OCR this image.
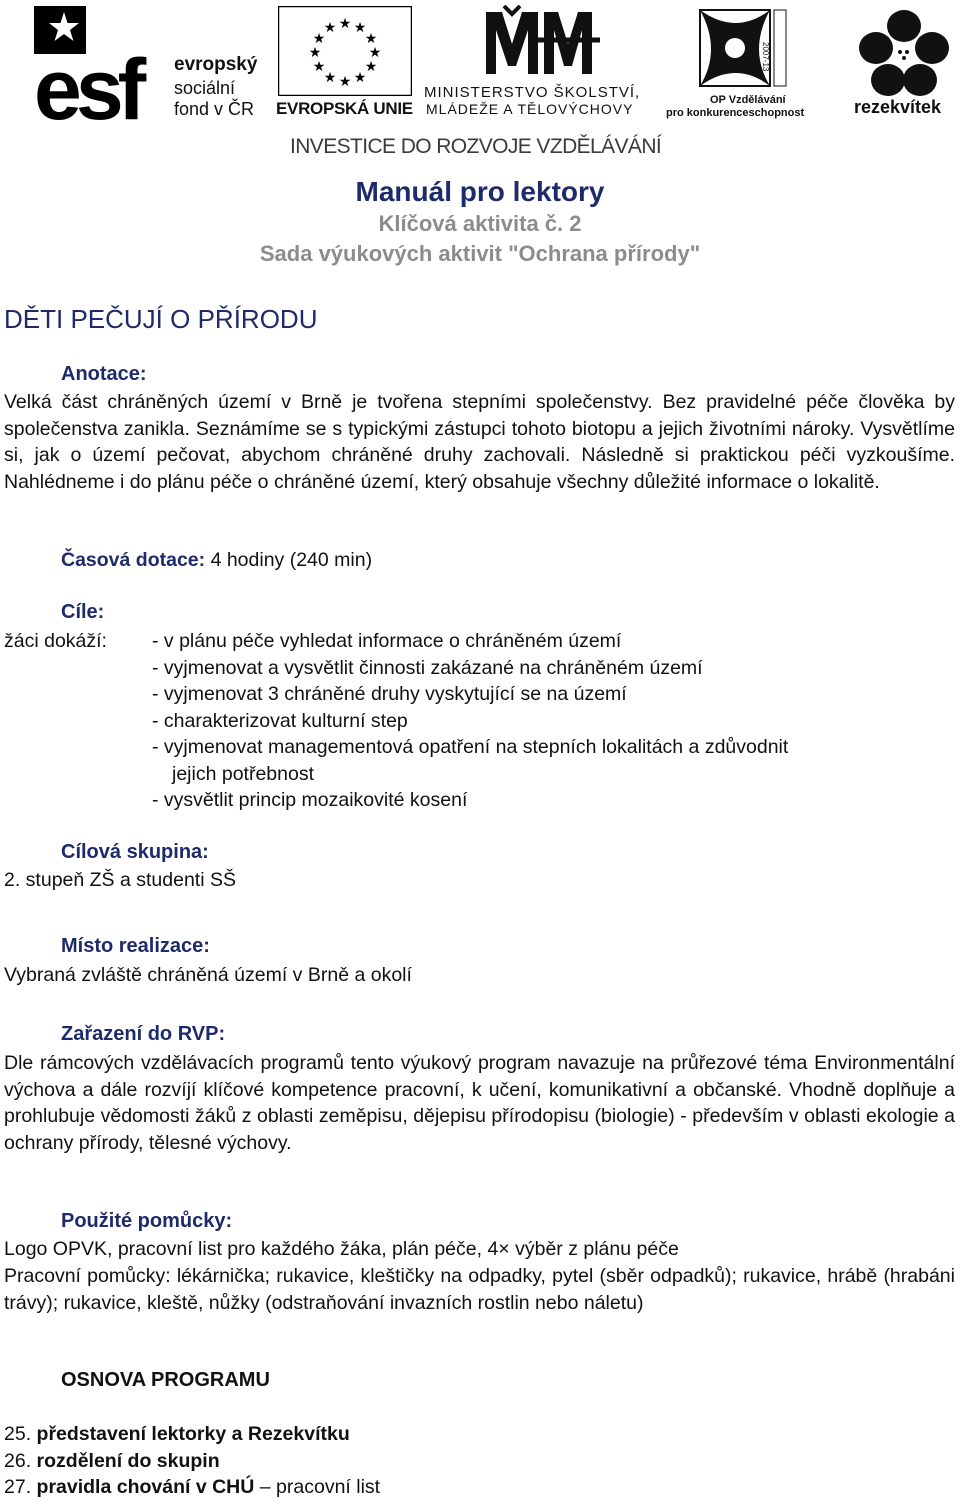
esf	evropský
sociální
fond v ČR
★ ★
★
★
★
★
★
★
★
★
★
★
EVROPSKÁ UNIE
MINISTERSTVO ŠKOLSTVÍ,
MLÁDEŽE A TĚLOVÝCHOVY
2007-13
OP Vzdělávání
pro konkurenceschopnost	rezekvítek
INVESTICE DO ROZVOJE VZDĚLÁVÁNÍ
Manuál pro lektory
Klíčová aktivita č. 2
Sada výukových aktivit "Ochrana přírody"
DĚTI PEČUJÍ O PŘÍRODU
Anotace:
Velká část chráněných území v Brně je tvořena stepními společenstvy. Bez pravidelné péče člověka by společenstva zanikla. Seznámíme se s typickými zástupci tohoto biotopu a jejich životními nároky. Vysvětlíme si, jak o území pečovat, abychom chráněné druhy zachovali. Následně si praktickou péči vyzkoušíme. Nahlédneme i do plánu péče o chráněné území, který obsahuje všechny důležité informace o lokalitě.
Časová dotace: 4 hodiny (240 min)
Cíle:
žáci dokáží: - v plánu péče vyhledat informace o chráněném území
- vyjmenovat a vysvětlit činnosti zakázané na chráněném území
- vyjmenovat 3 chráněné druhy vyskytující se na území
- charakterizovat kulturní step
- vyjmenovat managementová opatření na stepních lokalitách a zdůvodnit
jejich potřebnost
- vysvětlit princip mozaikovité kosení
Cílová skupina:
2. stupeň ZŠ a studenti SŠ
Místo realizace:
Vybraná zvláště chráněná území v Brně a okolí
Zařazení do RVP:
Dle rámcových vzdělávacích programů tento výukový program navazuje na průřezové téma Environmentální výchova a dále rozvíjí klíčové kompetence pracovní, k učení, komunikativní a občanské. Vhodně doplňuje a prohlubuje vědomosti žáků z oblasti zeměpisu, dějepisu přírodopisu (biologie) - především v oblasti ekologie a ochrany přírody, tělesné výchovy.
Použité pomůcky:
Logo OPVK, pracovní list pro každého žáka, plán péče, 4× výběr z plánu péče
Pracovní pomůcky: lékárnička; rukavice, kleštičky na odpadky, pytel (sběr odpadků); rukavice, hrábě (hrabáni trávy); rukavice, kleště, nůžky (odstraňování invazních rostlin nebo náletu)
OSNOVA PROGRAMU
25. představení lektorky a Rezekvítku
26. rozdělení do skupin
27. pravidla chování v CHÚ – pracovní list
